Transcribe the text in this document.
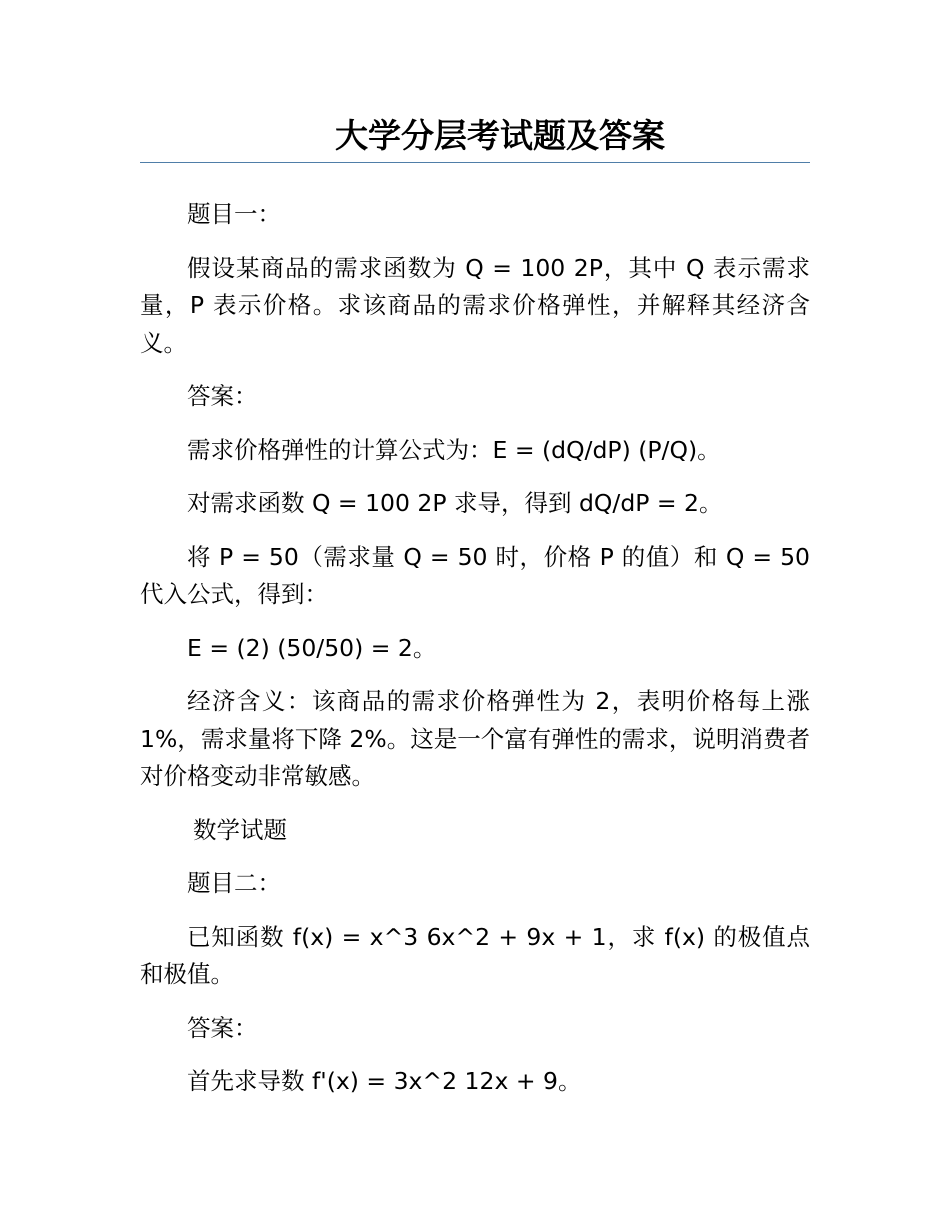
大学分层考试题及答案

题目一：

假设某商品的需求函数为 Q = 100 2P，其中 Q 表示需求量，P 表示价格。求该商品的需求价格弹性，并解释其经济含义。

答案：

需求价格弹性的计算公式为：E = (dQ/dP) (P/Q)。

对需求函数 Q = 100 2P 求导，得到 dQ/dP = 2。

将 P = 50（需求量 Q = 50 时，价格 P 的值）和 Q = 50 代入公式，得到：

E = (2) (50/50) = 2。

经济含义：该商品的需求价格弹性为 2，表明价格每上涨 1%，需求量将下降 2%。这是一个富有弹性的需求，说明消费者对价格变动非常敏感。

数学试题

题目二：

已知函数 f(x) = x^3 6x^2 + 9x + 1，求 f(x) 的极值点和极值。

答案：

首先求导数 f'(x) = 3x^2 12x + 9。
